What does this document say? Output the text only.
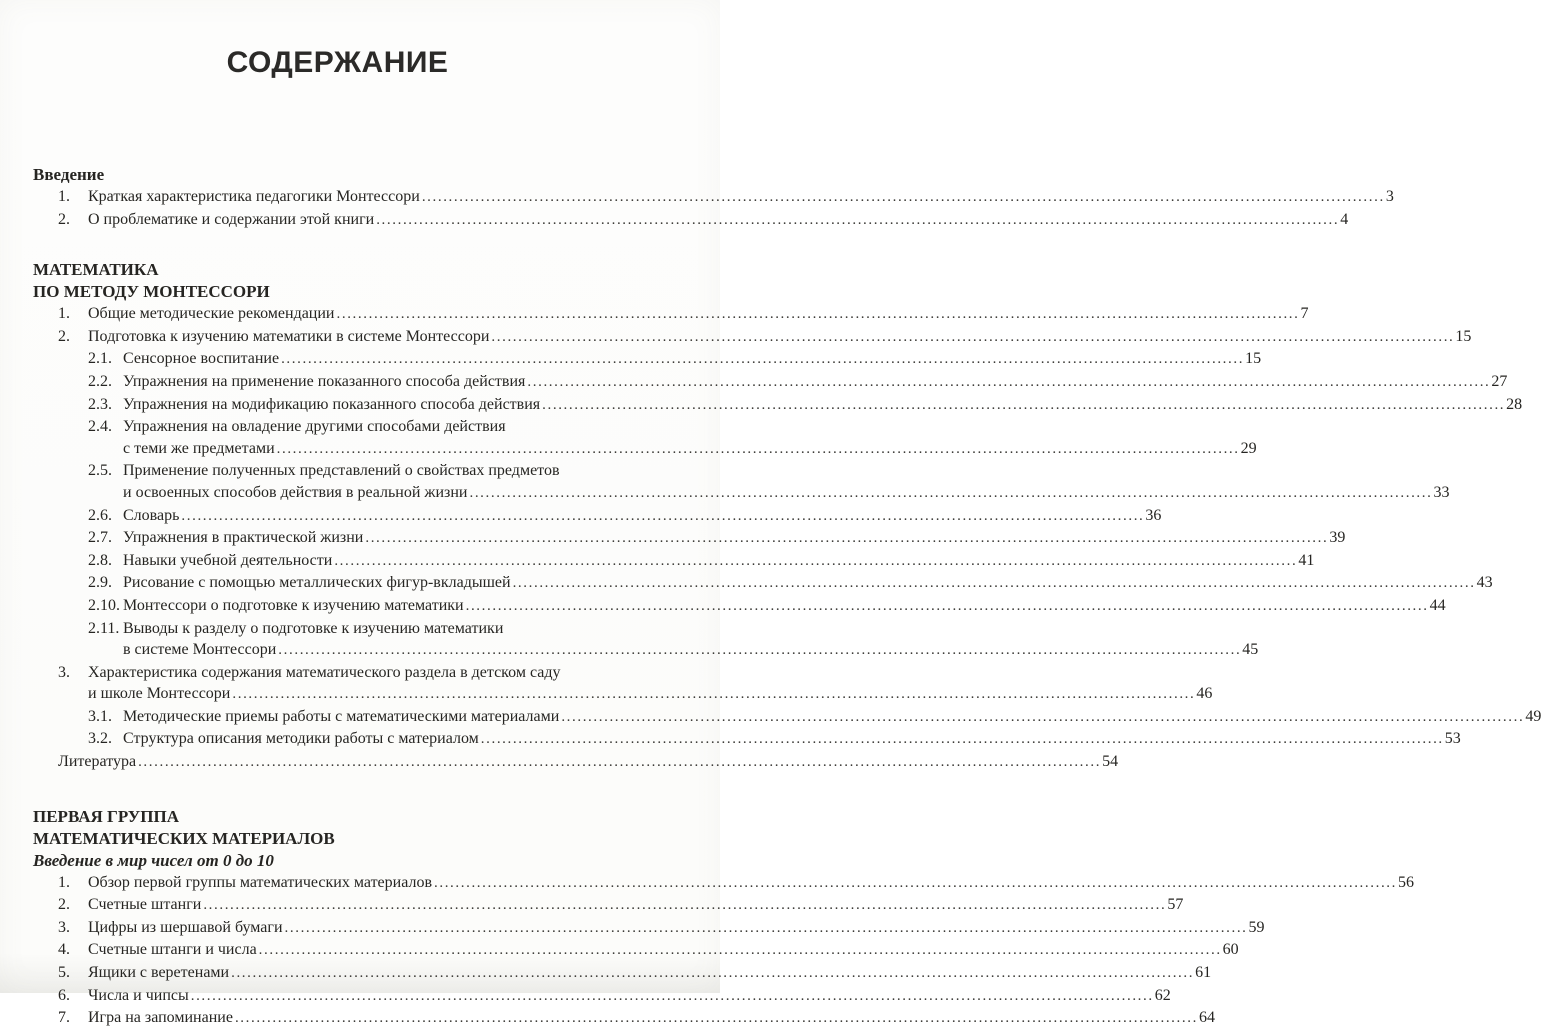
СОДЕРЖАНИЕ
Введение
1.	Краткая характеристика педагогики Монтессори .....	3
2.	О проблематике и содержании этой книги .....	4
МАТЕМАТИКА
ПО МЕТОДУ МОНТЕССОРИ
1.	Общие методические рекомендации .....	7
2.	Подготовка к изучению математики в системе Монтессори .....	15
2.1. Сенсорное воспитание .....	15
2.2. Упражнения на применение показанного способа действия .....	27
2.3. Упражнения на модификацию показанного способа действия .....	28
2.4. Упражнения на овладение другими способами действия
с теми же предметами .....	29
2.5. Применение полученных представлений о свойствах предметов
и освоенных способов действия в реальной жизни .....	33
2.6. Словарь .....	36
2.7. Упражнения в практической жизни .....	39
2.8. Навыки учебной деятельности .....	41
2.9. Рисование с помощью металлических фигур-вкладышей .....	43
2.10. Монтессори о подготовке к изучению математики .....	44
2.11. Выводы к разделу о подготовке к изучению математики
в системе Монтессори .....	45
3.	Характеристика содержания математического раздела в детском саду
и школе Монтессори .....	46
3.1. Методические приемы работы с математическими материалами .....	49
3.2. Структура описания методики работы с материалом .....	53
Литература .....	54
ПЕРВАЯ ГРУППА
МАТЕМАТИЧЕСКИХ МАТЕРИАЛОВ
Введение в мир чисел от 0 до 10
1.	Обзор первой группы математических материалов .....	56
2.	Счетные штанги .....	57
3.	Цифры из шершавой бумаги .....	59
4.	Счетные штанги и числа .....	60
5.	Ящики с веретенами .....	61
6.	Числа и чипсы .....	62
7.	Игра на запоминание .....	64
